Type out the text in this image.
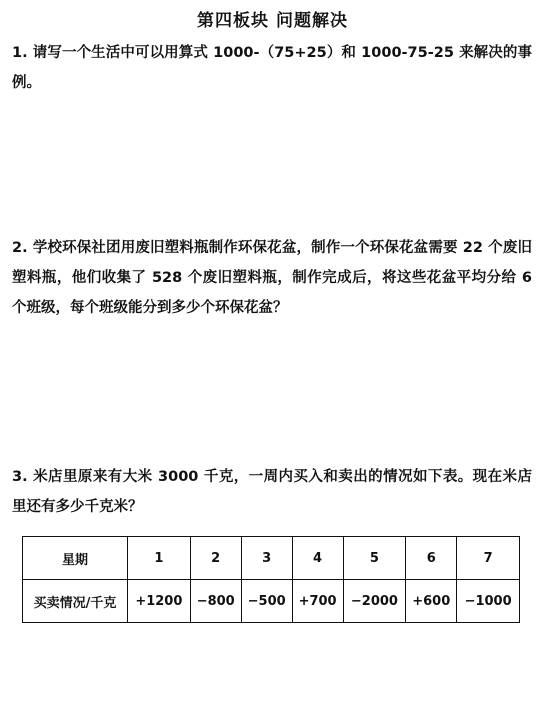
第四板块 问题解决
1. 请写一个生活中可以用算式 1000-（75+25）和 1000-75-25 来解决的事例。
2. 学校环保社团用废旧塑料瓶制作环保花盆，制作一个环保花盆需要 22 个废旧塑料瓶，他们收集了 528 个废旧塑料瓶，制作完成后，将这些花盆平均分给 6 个班级，每个班级能分到多少个环保花盆？
3. 米店里原来有大米 3000 千克，一周内买入和卖出的情况如下表。现在米店里还有多少千克米？
星期	1	2	3	4	5	6	7
买卖情况/千克	+1200	−800	−500	+700	−2000	+600	−1000
